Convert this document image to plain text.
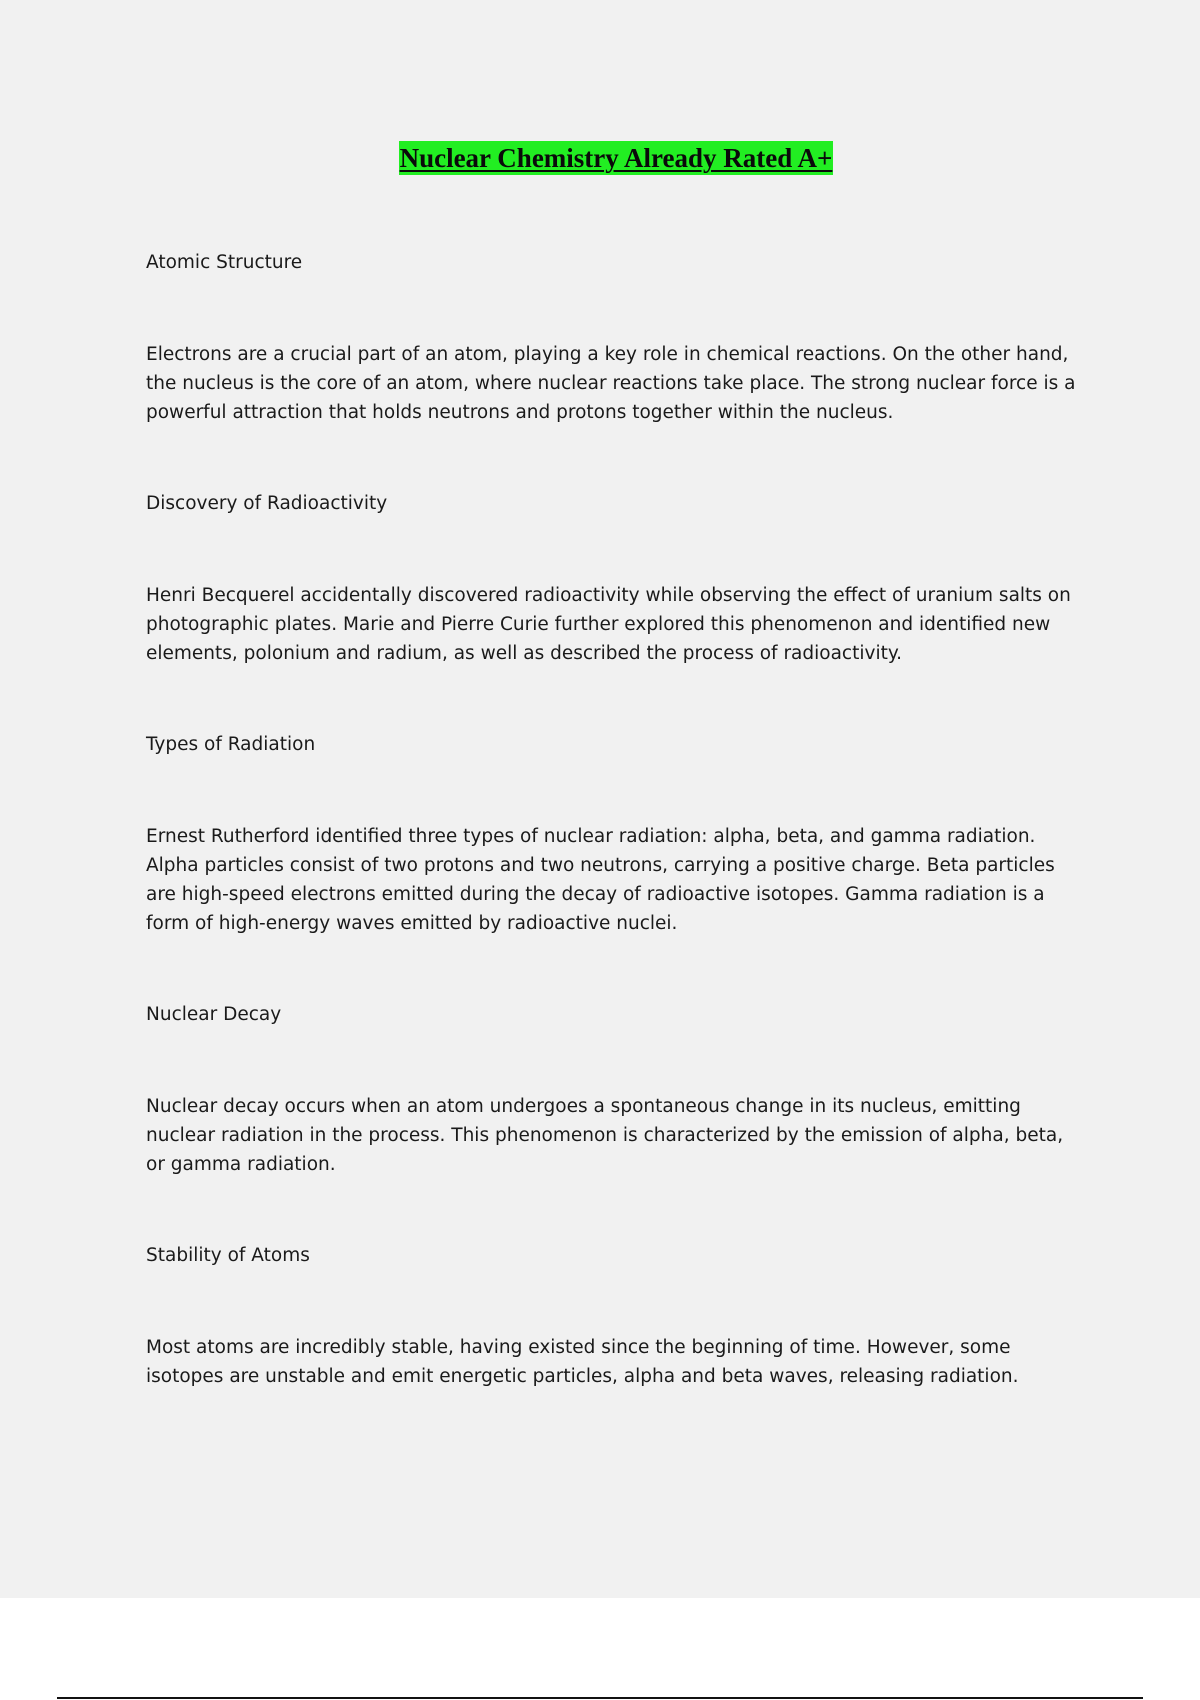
Nuclear Chemistry Already Rated A+

Atomic Structure

Electrons are a crucial part of an atom, playing a key role in chemical reactions. On the other hand, the nucleus is the core of an atom, where nuclear reactions take place. The strong nuclear force is a powerful attraction that holds neutrons and protons together within the nucleus.

Discovery of Radioactivity

Henri Becquerel accidentally discovered radioactivity while observing the effect of uranium salts on photographic plates. Marie and Pierre Curie further explored this phenomenon and identified new elements, polonium and radium, as well as described the process of radioactivity.

Types of Radiation

Ernest Rutherford identified three types of nuclear radiation: alpha, beta, and gamma radiation. Alpha particles consist of two protons and two neutrons, carrying a positive charge. Beta particles are high-speed electrons emitted during the decay of radioactive isotopes. Gamma radiation is a form of high-energy waves emitted by radioactive nuclei.

Nuclear Decay

Nuclear decay occurs when an atom undergoes a spontaneous change in its nucleus, emitting nuclear radiation in the process. This phenomenon is characterized by the emission of alpha, beta, or gamma radiation.

Stability of Atoms

Most atoms are incredibly stable, having existed since the beginning of time. However, some isotopes are unstable and emit energetic particles, alpha and beta waves, releasing radiation.
